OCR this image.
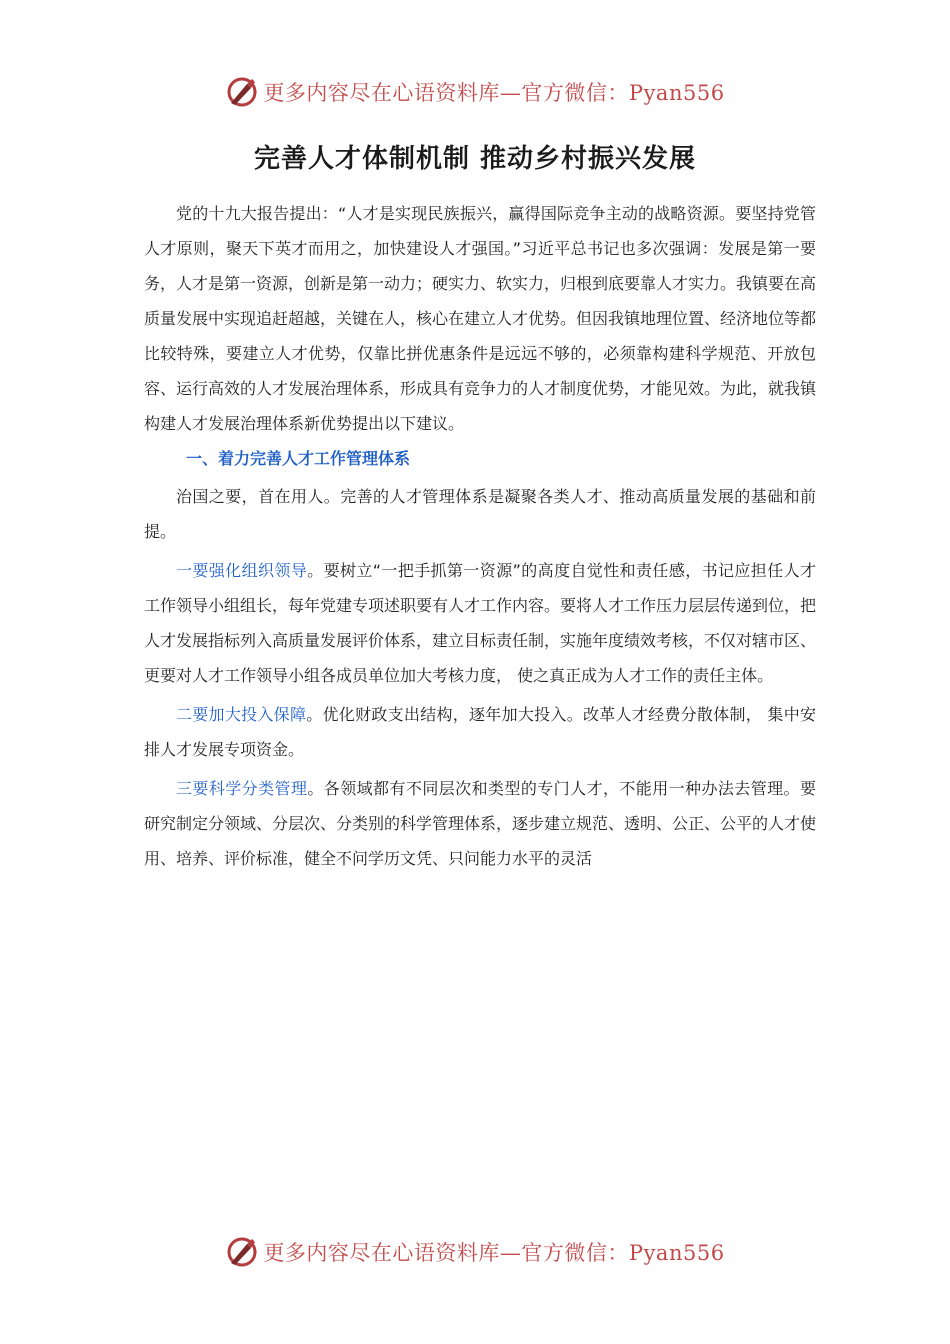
更多内容尽在心语资料库—官方微信：Pyan556
完善人才体制机制 推动乡村振兴发展

党的十九大报告提出：“人才是实现民族振兴，赢得国际竞争主动的战略资源。要坚持党管人才原则，聚天下英才而用之，加快建设人才强国。”习近平总书记也多次强调：发展是第一要务，人才是第一资源，创新是第一动力；硬实力、软实力，归根到底要靠人才实力。我镇要在高质量发展中实现追赶超越，关键在人，核心在建立人才优势。但因我镇地理位置、经济地位等都比较特殊，要建立人才优势，仅靠比拼优惠条件是远远不够的，必须靠构建科学规范、开放包容、运行高效的人才发展治理体系，形成具有竞争力的人才制度优势，才能见效。为此，就我镇构建人才发展治理体系新优势提出以下建议。

一、着力完善人才工作管理体系

治国之要，首在用人。完善的人才管理体系是凝聚各类人才、推动高质量发展的基础和前提。

一要强化组织领导。要树立“一把手抓第一资源”的高度自觉性和责任感，书记应担任人才工作领导小组组长，每年党建专项述职要有人才工作内容。要将人才工作压力层层传递到位，把人才发展指标列入高质量发展评价体系，建立目标责任制，实施年度绩效考核，不仅对辖市区、更要对人才工作领导小组各成员单位加大考核力度， 使之真正成为人才工作的责任主体。

二要加大投入保障。优化财政支出结构，逐年加大投入。改革人才经费分散体制， 集中安排人才发展专项资金。

三要科学分类管理。各领域都有不同层次和类型的专门人才，不能用一种办法去管理。要研究制定分领域、分层次、分类别的科学管理体系，逐步建立规范、透明、公正、公平的人才使用、培养、评价标准，健全不问学历文凭、只问能力水平的灵活

更多内容尽在心语资料库—官方微信：Pyan556
